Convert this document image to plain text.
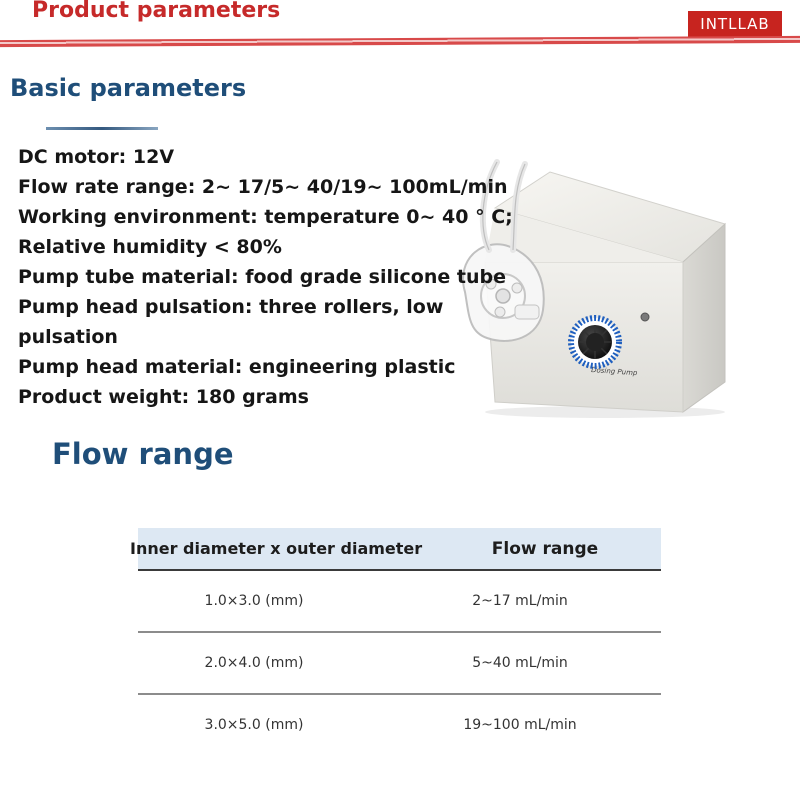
Product parameters
INTLLAB
Basic parameters
DC motor: 12V
Flow rate range: 2~ 17/5~ 40/19~ 100mL/min
Working environment: temperature 0~ 40 ° C;
Relative humidity < 80%
Pump tube material: food grade silicone tube
Pump head pulsation: three rollers, low
pulsation
Pump head material: engineering plastic
Product weight: 180 grams
Dosing Pump
Flow range
Inner diameter x outer diameter	Flow range
1.0×3.0 (mm)	2~17 mL/min
2.0×4.0 (mm)	5~40 mL/min
3.0×5.0 (mm)	19~100 mL/min
